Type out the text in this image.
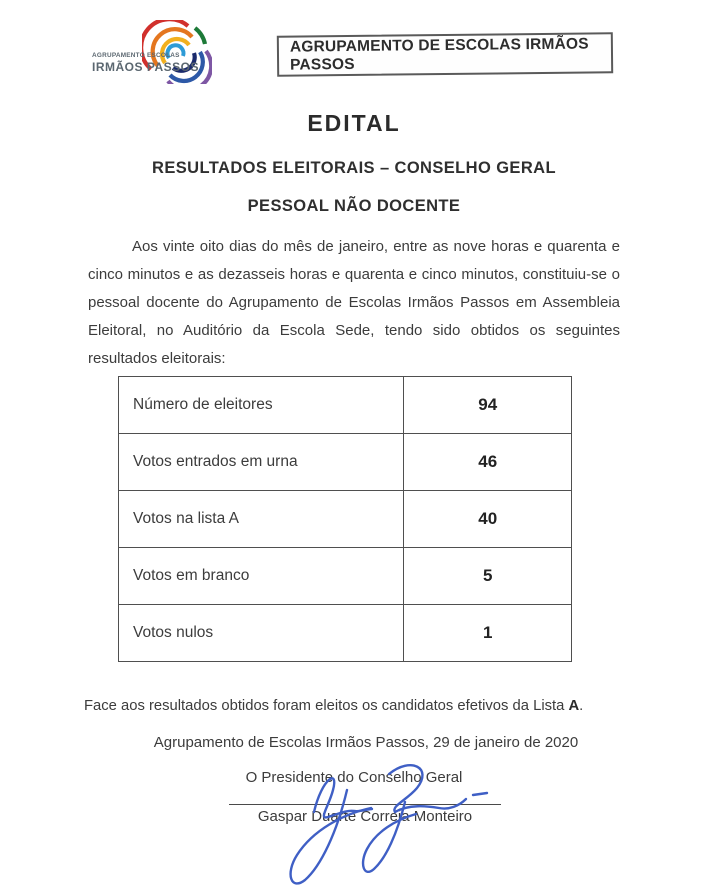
AGRUPAMENTO ESCOLAS
IRMÃOS PASSOS
AGRUPAMENTO DE ESCOLAS IRMÃOS PASSOS
EDITAL
RESULTADOS ELEITORAIS – CONSELHO GERAL
PESSOAL NÃO DOCENTE

Aos vinte oito dias do mês de janeiro, entre as nove horas e quarenta e cinco minutos e as dezasseis horas e quarenta e cinco minutos, constituiu-se o pessoal docente do Agrupamento de Escolas Irmãos Passos em Assembleia Eleitoral, no Auditório da Escola Sede, tendo sido obtidos os seguintes resultados eleitorais:

Número de eleitores	94
Votos entrados em urna	46
Votos na lista A	40
Votos em branco	5
Votos nulos	1

Face aos resultados obtidos foram eleitos os candidatos efetivos da Lista A.

Agrupamento de Escolas Irmãos Passos, 29 de janeiro de 2020
O Presidente do Conselho Geral
Gaspar Duarte Correia Monteiro
